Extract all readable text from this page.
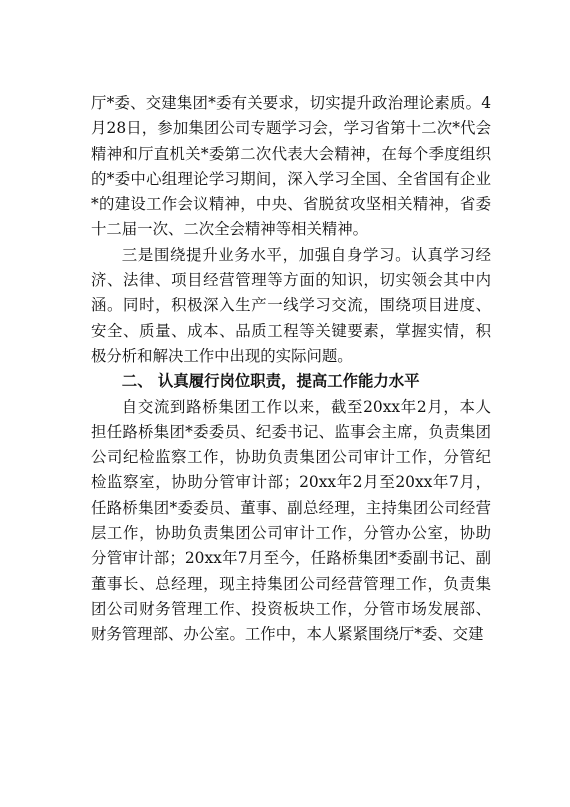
厅*委、交建集团*委有关要求，切实提升政治理论素质。4月28日，参加集团公司专题学习会，学习省第十二次*代会精神和厅直机关*委第二次代表大会精神，在每个季度组织的*委中心组理论学习期间，深入学习全国、全省国有企业*的建设工作会议精神，中央、省脱贫攻坚相关精神，省委十二届一次、二次全会精神等相关精神。

三是围绕提升业务水平，加强自身学习。认真学习经济、法律、项目经营管理等方面的知识，切实领会其中内涵。同时，积极深入生产一线学习交流，围绕项目进度、安全、质量、成本、品质工程等关键要素，掌握实情，积极分析和解决工作中出现的实际问题。

二、 认真履行岗位职责，提高工作能力水平

自交流到路桥集团工作以来，截至20xx年2月，本人担任路桥集团*委委员、纪委书记、监事会主席，负责集团公司纪检监察工作，协助负责集团公司审计工作，分管纪检监察室，协助分管审计部；20xx年2月至20xx年7月，任路桥集团*委委员、董事、副总经理，主持集团公司经营层工作，协助负责集团公司审计工作，分管办公室，协助分管审计部；20xx年7月至今，任路桥集团*委副书记、副董事长、总经理，现主持集团公司经营管理工作，负责集团公司财务管理工作、投资板块工作，分管市场发展部、财务管理部、办公室。工作中，本人紧紧围绕厅*委、交建
